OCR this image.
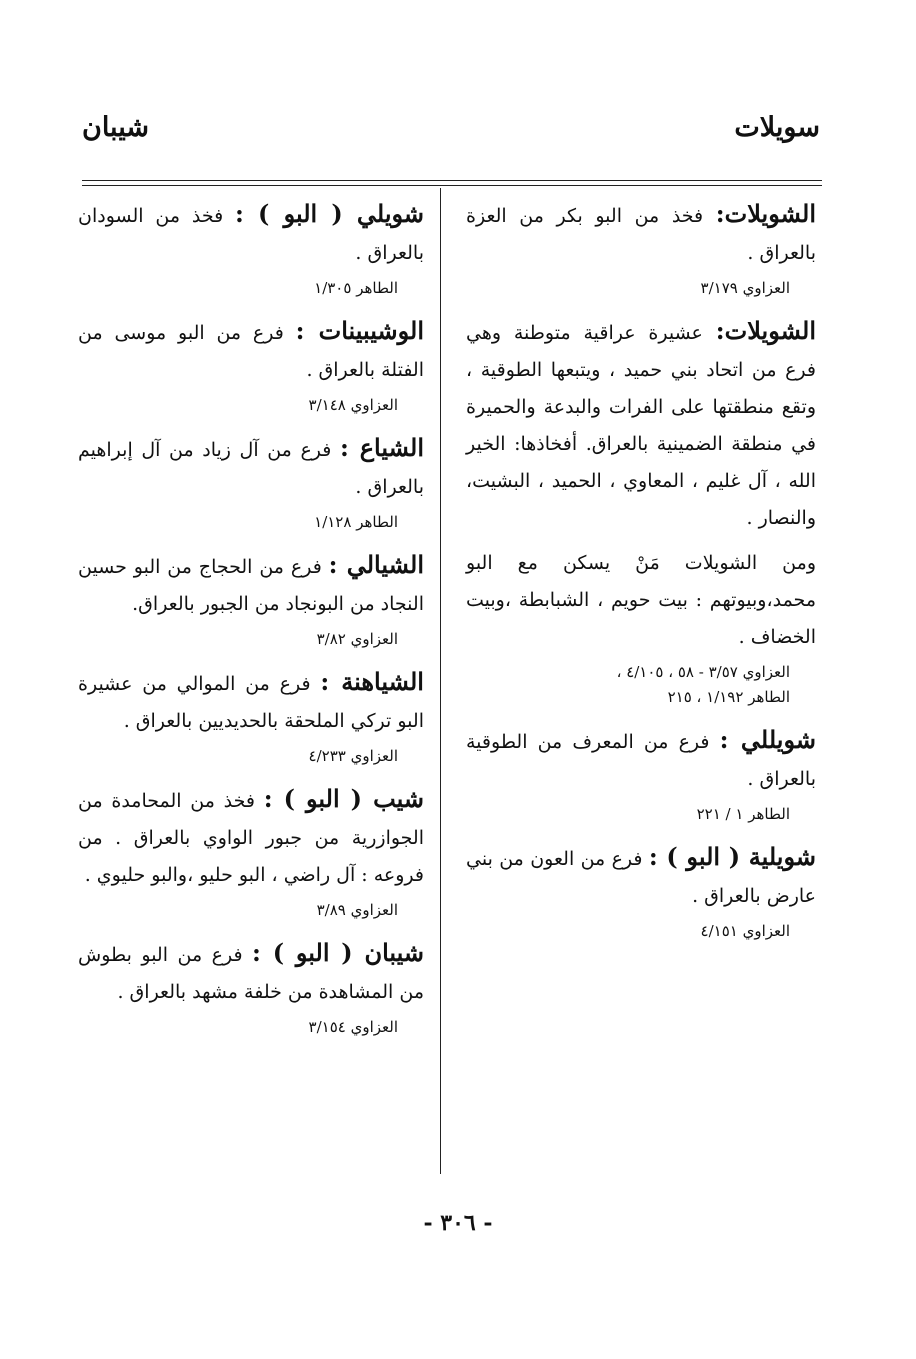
سويلات
شيبان
الشويلات: فخذ من البو بكر من العزة بالعراق .
العزاوي ٣/١٧٩
الشويلات: عشيرة عراقية متوطنة وهي فرع من اتحاد بني حميد ، ويتبعها الطوقية ، وتقع منطقتها على الفرات والبدعة والحميرة في منطقة الضمينية بالعراق. أفخاذها: الخير الله ، آل غليم ، المعاوي ، الحميد ، البشيت، والنصار .
ومن الشويلات مَنْ يسكن مع البو محمد،وبيوتهم : بيت حويم ، الشبابطة ،وبيت الخضاف .
العزاوي ٣/٥٧ - ٥٨ ، ٤/١٠٥ ،
الطاهر ١/١٩٢ ، ٢١٥
شويللي : فرع من المعرف من الطوقية بالعراق .
الطاهر ١ / ٢٢١
شويلية ( البو ) : فرع من العون من بني عارض بالعراق .
العزاوي ٤/١٥١
شويلي ( البو ) : فخذ من السودان بالعراق .
الطاهر ١/٣٠٥
الوشيبينات : فرع من البو موسى من الفتلة بالعراق .
العزاوي ٣/١٤٨
الشياع : فرع من آل زياد من آل إبراهيم بالعراق .
الطاهر ١/١٢٨
الشيالي : فرع من الحجاج من البو حسين النجاد من البونجاد من الجبور بالعراق.
العزاوي ٣/٨٢
الشياهنة : فرع من الموالي من عشيرة البو تركي الملحقة بالحديديين بالعراق .
العزاوي ٤/٢٣٣
شيب ( البو ) : فخذ من المحامدة من الجوازرية من جبور الواوي بالعراق . من فروعه : آل راضي ، البو حليو ،والبو حليوي .
العزاوي ٣/٨٩
شيبان ( البو ) : فرع من البو بطوش من المشاهدة من خلفة مشهد بالعراق .
العزاوي ٣/١٥٤
- ٣٠٦ -
